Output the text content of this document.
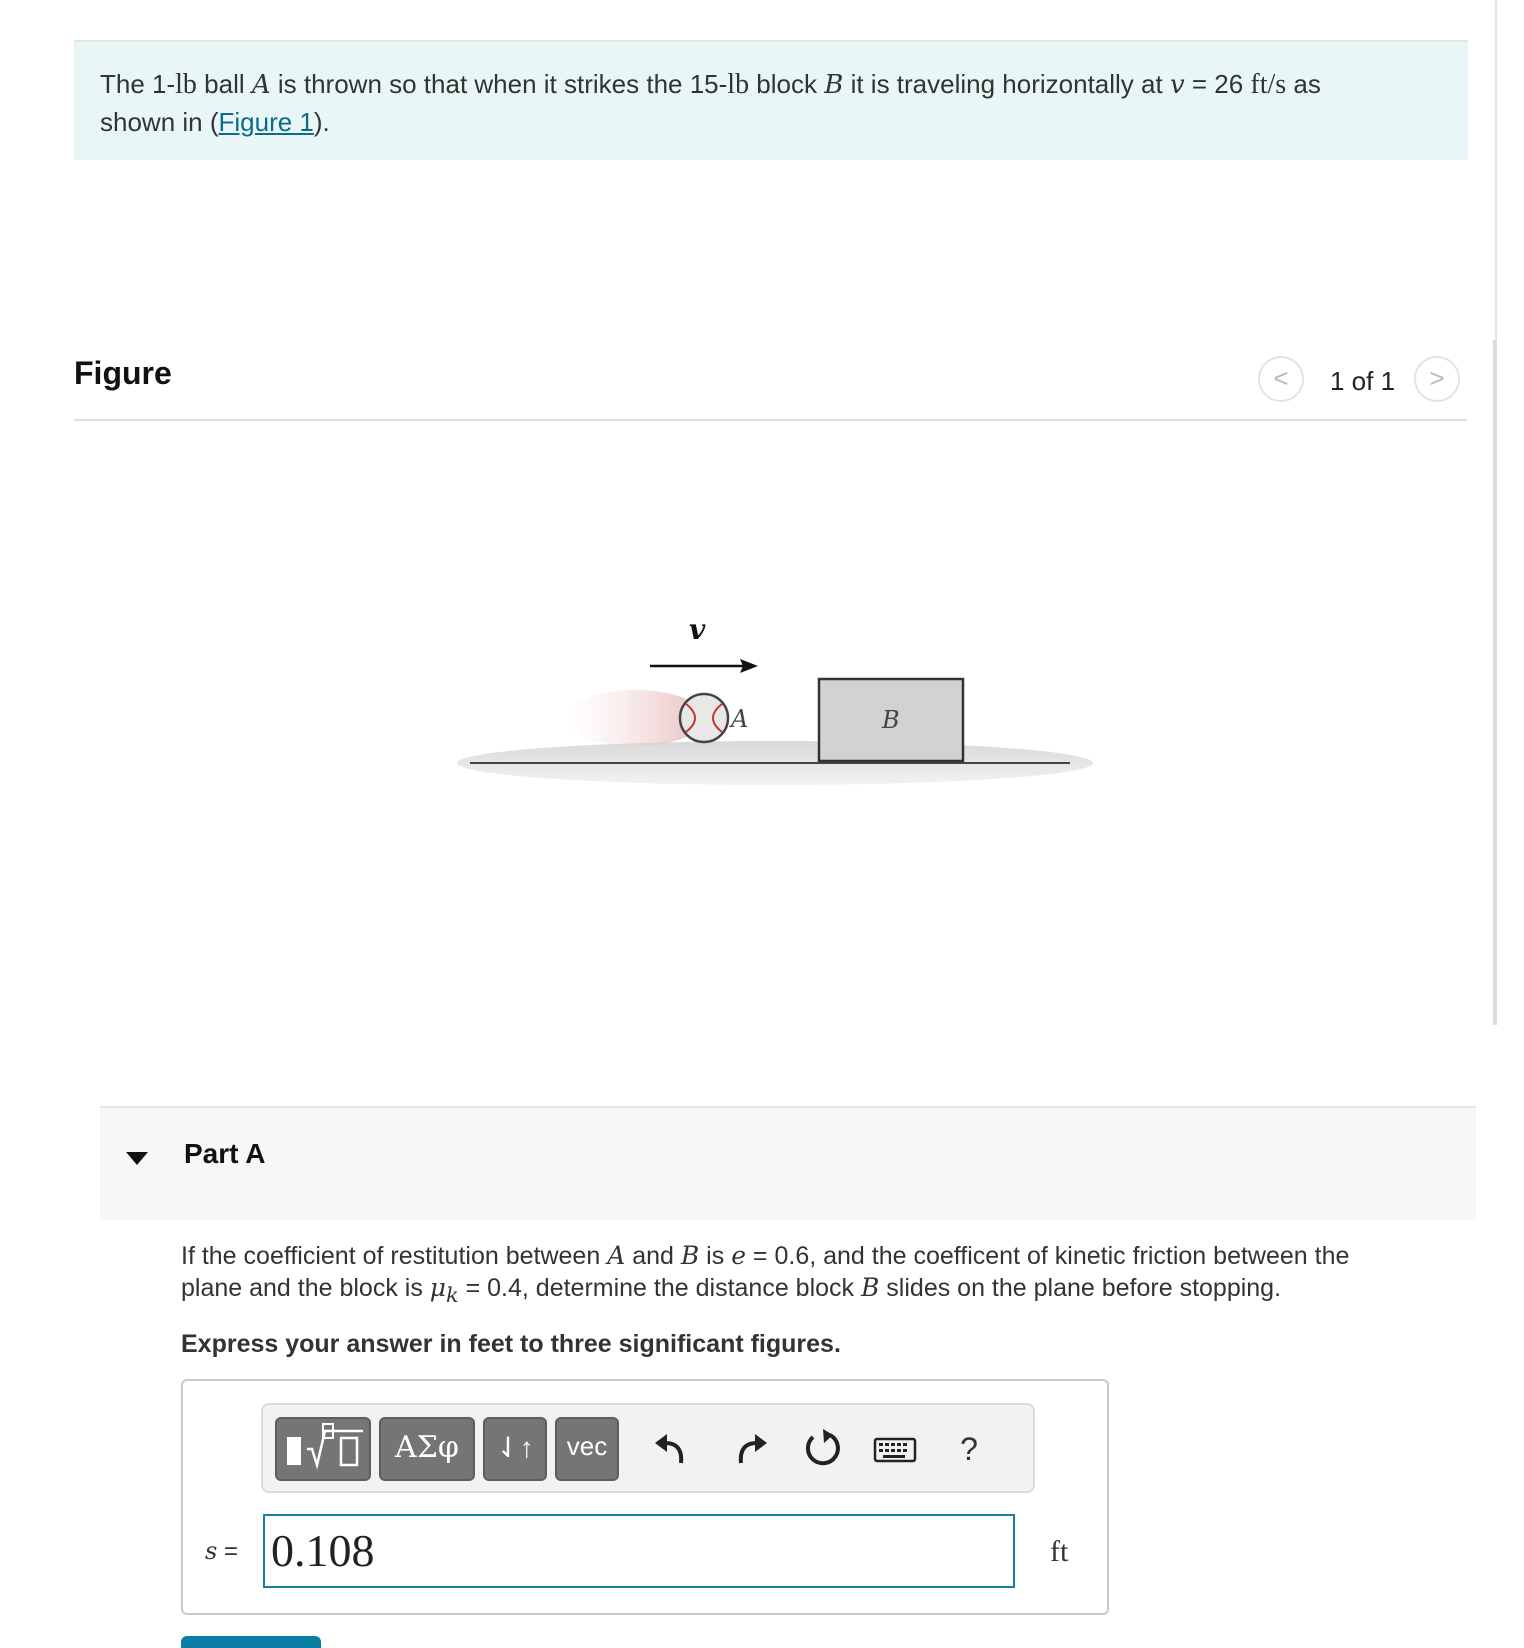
The 1-lb ball A is thrown so that when it strikes the 15-lb block B it is traveling horizontally at v = 26 ft/s as
shown in (Figure 1).
Figure	<	1 of 1	>
A
v
B
Part A
If the coefficient of restitution between A and B is e = 0.6, and the coefficent of kinetic friction between the
plane and the block is $\mu_k = 0.4$, determine the distance block B slides on the plane before stopping.
Express your answer in feet to three significant figures.
ΑΣφ	⇃↑	vec	?
s = 0.108	ft
